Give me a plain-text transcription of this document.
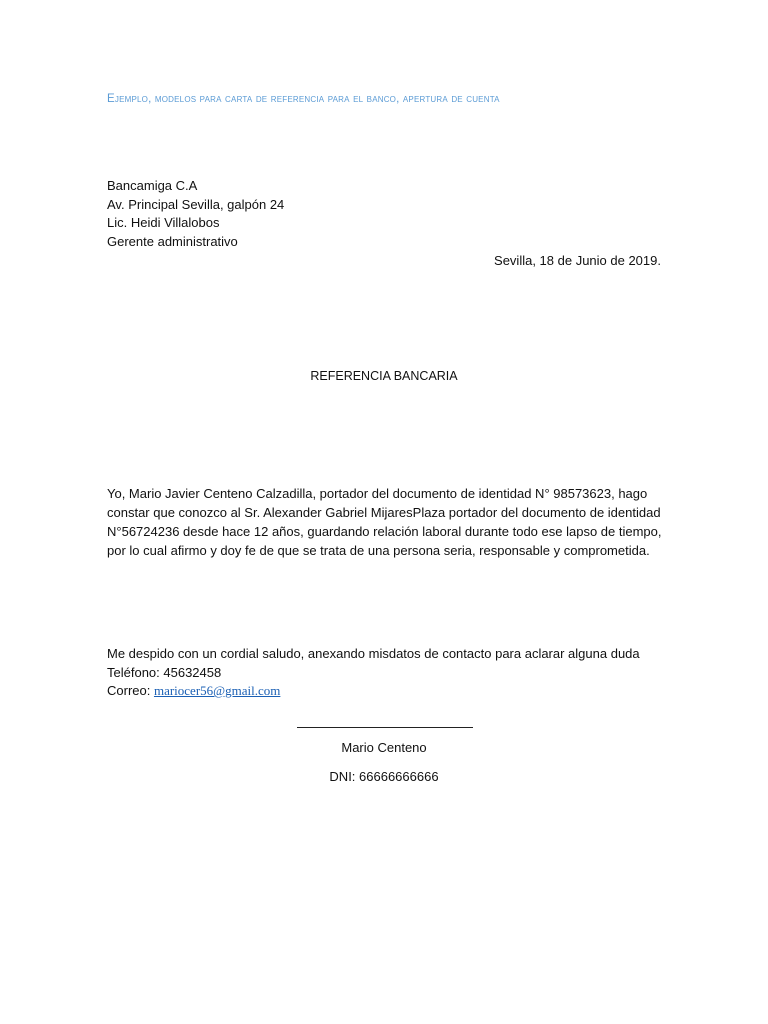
Ejemplo, modelos para carta de referencia para el banco, apertura de cuenta
Bancamiga C.A
Av. Principal Sevilla, galpón 24
Lic. Heidi Villalobos
Gerente administrativo
Sevilla, 18 de Junio de 2019.
REFERENCIA BANCARIA
Yo, Mario Javier Centeno Calzadilla, portador del documento de identidad N° 98573623, hago
constar que conozco al Sr. Alexander Gabriel MijaresPlaza portador del documento de identidad
N°56724236 desde hace 12 años, guardando relación laboral durante todo ese lapso de tiempo,
por lo cual afirmo y doy fe de que se trata de una persona seria, responsable y comprometida.
Me despido con un cordial saludo, anexando misdatos de contacto para aclarar alguna duda
Teléfono: 45632458
Correo: mariocer56@gmail.com
Mario Centeno
DNI: 66666666666
